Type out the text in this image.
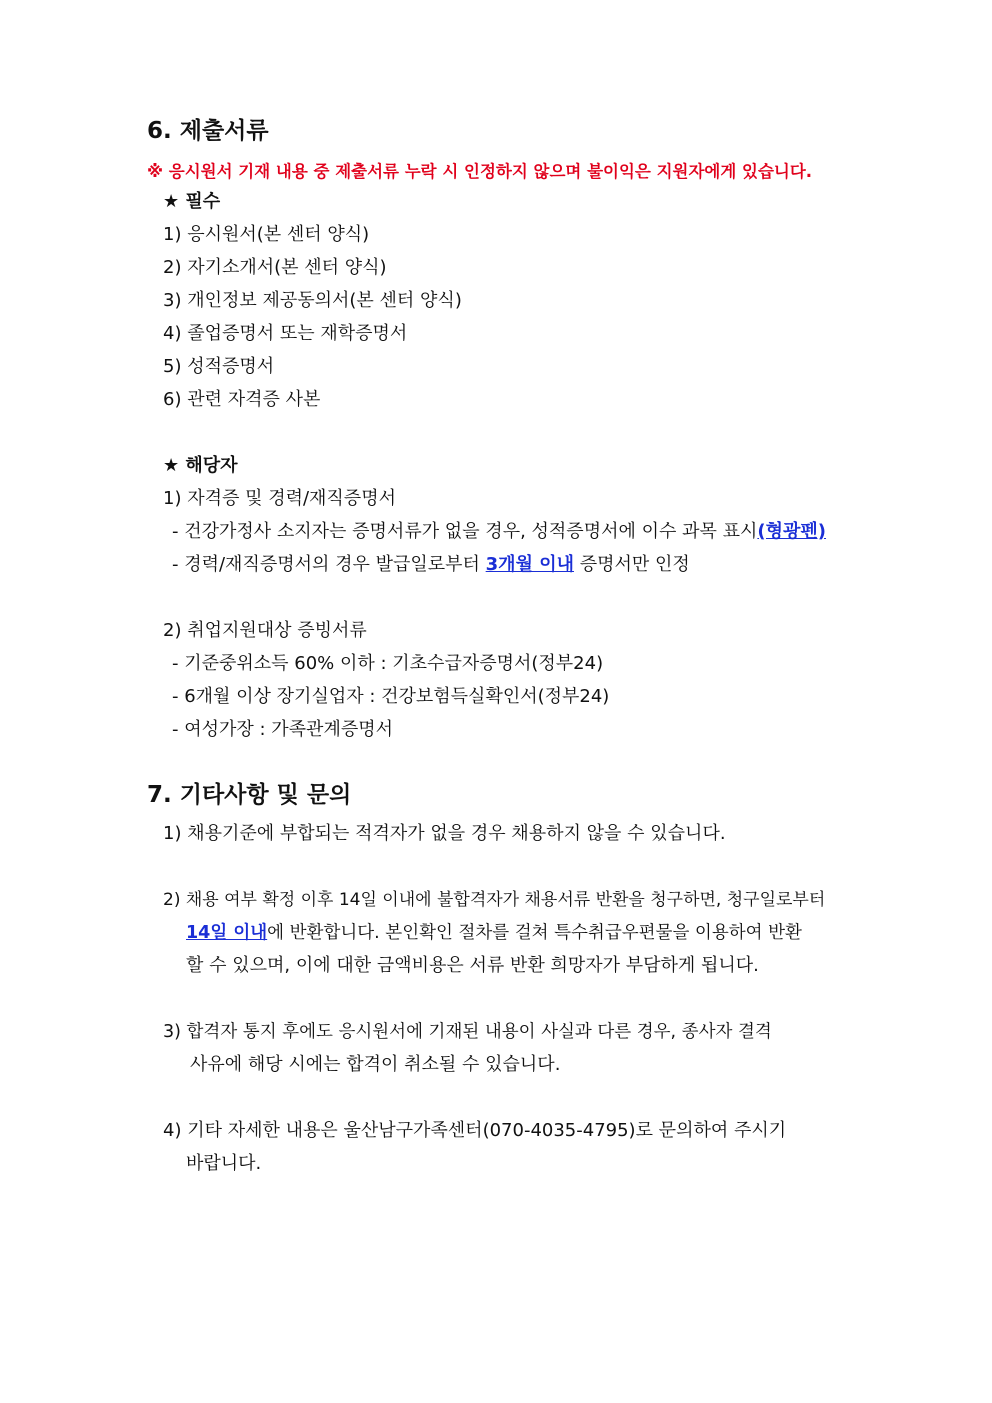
6. 제출서류
※ 응시원서 기재 내용 중 제출서류 누락 시 인정하지 않으며 불이익은 지원자에게 있습니다.
★ 필수
1) 응시원서(본 센터 양식)
2) 자기소개서(본 센터 양식)
3) 개인정보 제공동의서(본 센터 양식)
4) 졸업증명서 또는 재학증명서
5) 성적증명서
6) 관련 자격증 사본
★ 해당자
1) 자격증 및 경력/재직증명서
- 건강가정사 소지자는 증명서류가 없을 경우, 성적증명서에 이수 과목 표시(형광펜)
- 경력/재직증명서의 경우 발급일로부터 3개월 이내 증명서만 인정
2) 취업지원대상 증빙서류
- 기준중위소득 60% 이하 : 기초수급자증명서(정부24)
- 6개월 이상 장기실업자 : 건강보험득실확인서(정부24)
- 여성가장 : 가족관계증명서
7. 기타사항 및 문의
1) 채용기준에 부합되는 적격자가 없을 경우 채용하지 않을 수 있습니다.
2) 채용 여부 확정 이후 14일 이내에 불합격자가 채용서류 반환을 청구하면, 청구일로부터
14일 이내에 반환합니다. 본인확인 절차를 걸쳐 특수취급우편물을 이용하여 반환
할 수 있으며, 이에 대한 금액비용은 서류 반환 희망자가 부담하게 됩니다.
3) 합격자 통지 후에도 응시원서에 기재된 내용이 사실과 다른 경우, 종사자 결격
사유에 해당 시에는 합격이 취소될 수 있습니다.
4) 기타 자세한 내용은 울산남구가족센터(070-4035-4795)로 문의하여 주시기
바랍니다.
